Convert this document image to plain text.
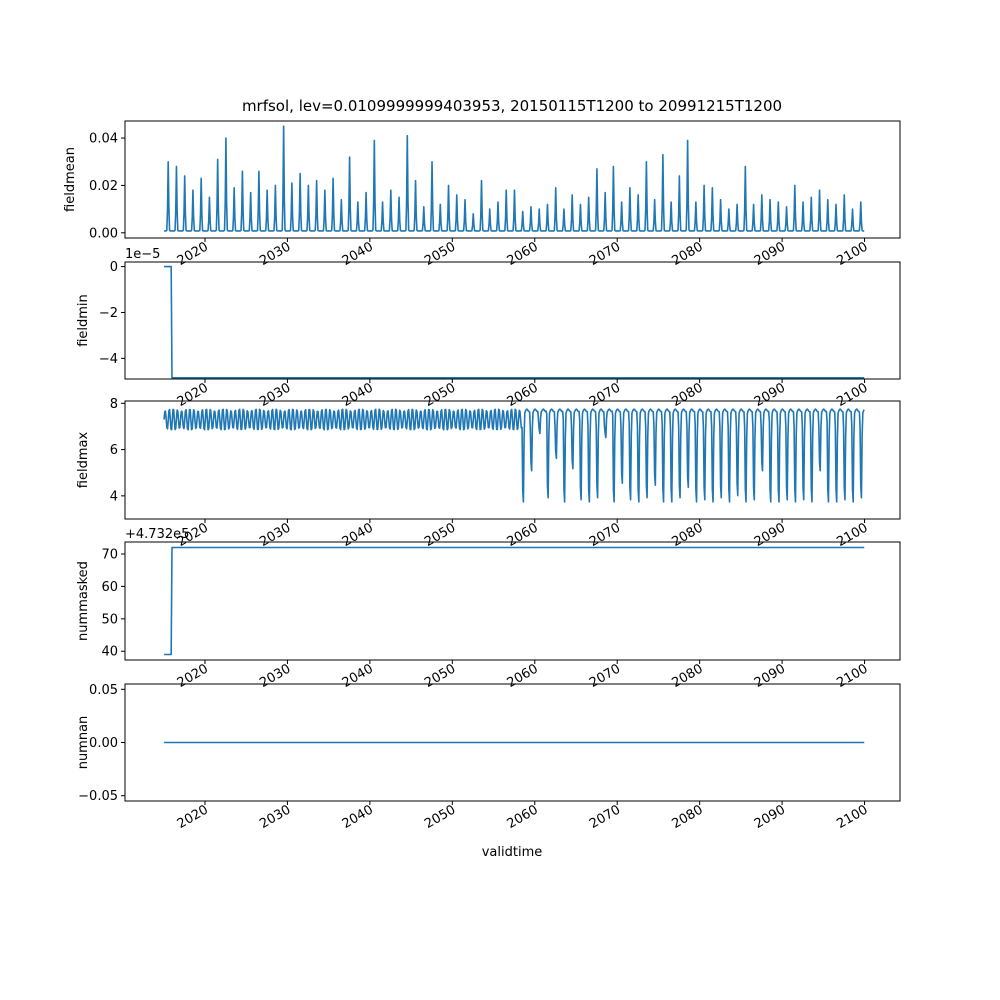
mrfsol, lev=0.0109999999403953, 20150115T1200 to 20991215T1200
validtime
0.00
0.02
0.04
2020	2030	2040	2050	2060	2070	2080	2090	2100
fieldmean
0
−2
−4
2020	2030	2040	2050	2060	2070	2080	2090	2100
fieldmin
1e−5
4
6
8
2020	2030	2040	2050	2060	2070	2080	2090	2100
fieldmax
40
50
60
70
2020	2030	2040	2050	2060	2070	2080	2090	2100
nummasked
+4.732e5
−0.05
0.00
0.05
2020	2030	2040	2050	2060	2070	2080	2090	2100
numnan
